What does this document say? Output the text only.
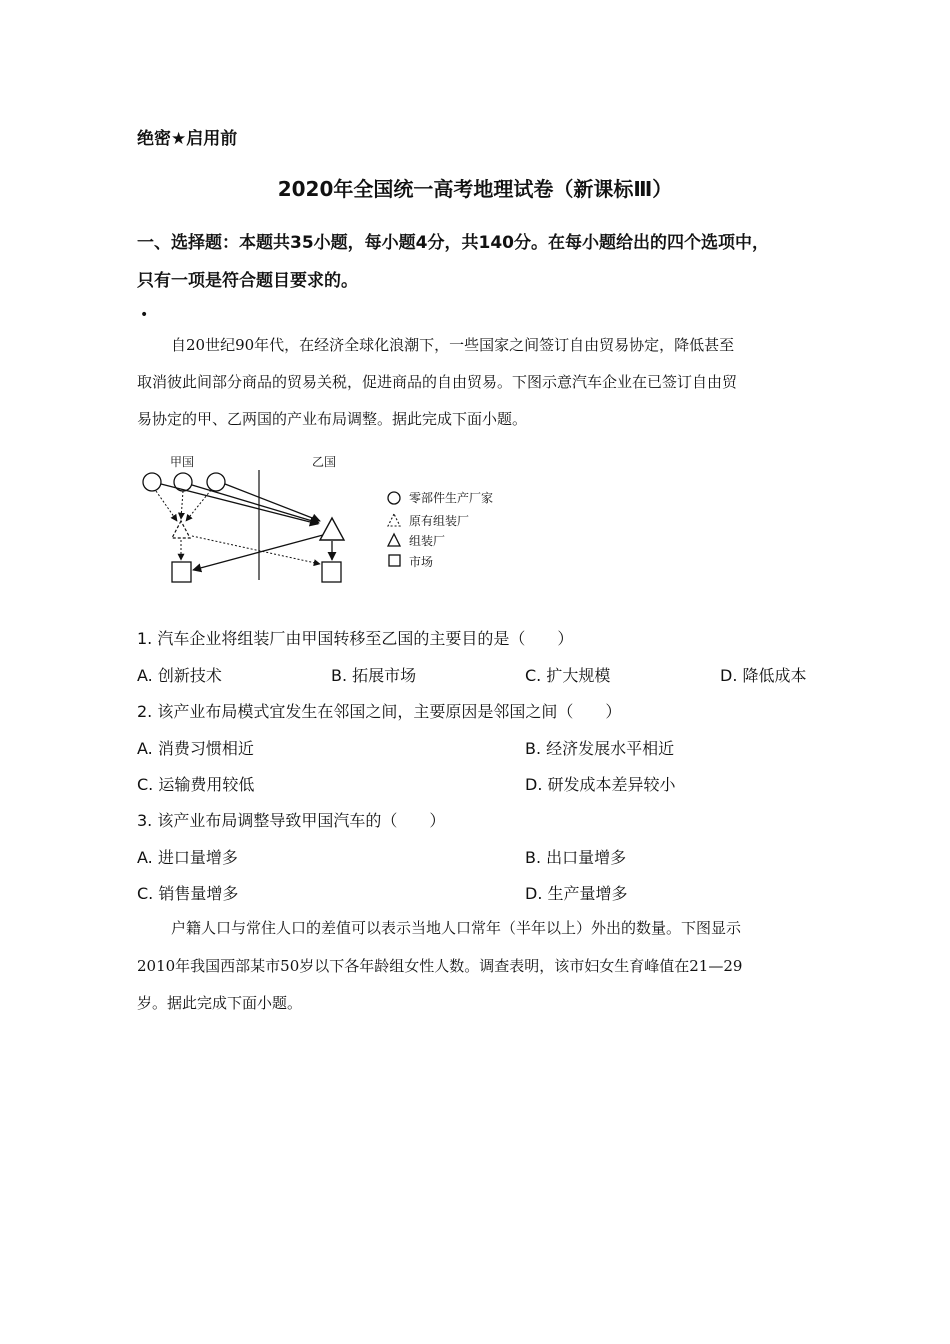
绝密★启用前
2020年全国统一高考地理试卷（新课标Ⅲ）
一、选择题：本题共35小题，每小题4分，共140分。在每小题给出的四个选项中，
只有一项是符合题目要求的。
•
自20世纪90年代，在经济全球化浪潮下，一些国家之间签订自由贸易协定，降低甚至
取消彼此间部分商品的贸易关税，促进商品的自由贸易。下图示意汽车企业在已签订自由贸
易协定的甲、乙两国的产业布局调整。据此完成下面小题。
甲国	乙国
零部件生产厂家
原有组装厂
组装厂
市场
1. 汽车企业将组装厂由甲国转移至乙国的主要目的是（　　）
A. 创新技术	B. 拓展市场	C. 扩大规模	D. 降低成本
2. 该产业布局模式宜发生在邻国之间，主要原因是邻国之间（　　）
A. 消费习惯相近	B. 经济发展水平相近
C. 运输费用较低	D. 研发成本差异较小
3. 该产业布局调整导致甲国汽车的（　　）
A. 进口量增多	B. 出口量增多
C. 销售量增多	D. 生产量增多
户籍人口与常住人口的差值可以表示当地人口常年（半年以上）外出的数量。下图显示
2010年我国西部某市50岁以下各年龄组女性人数。调查表明，该市妇女生育峰值在21—29
岁。据此完成下面小题。
